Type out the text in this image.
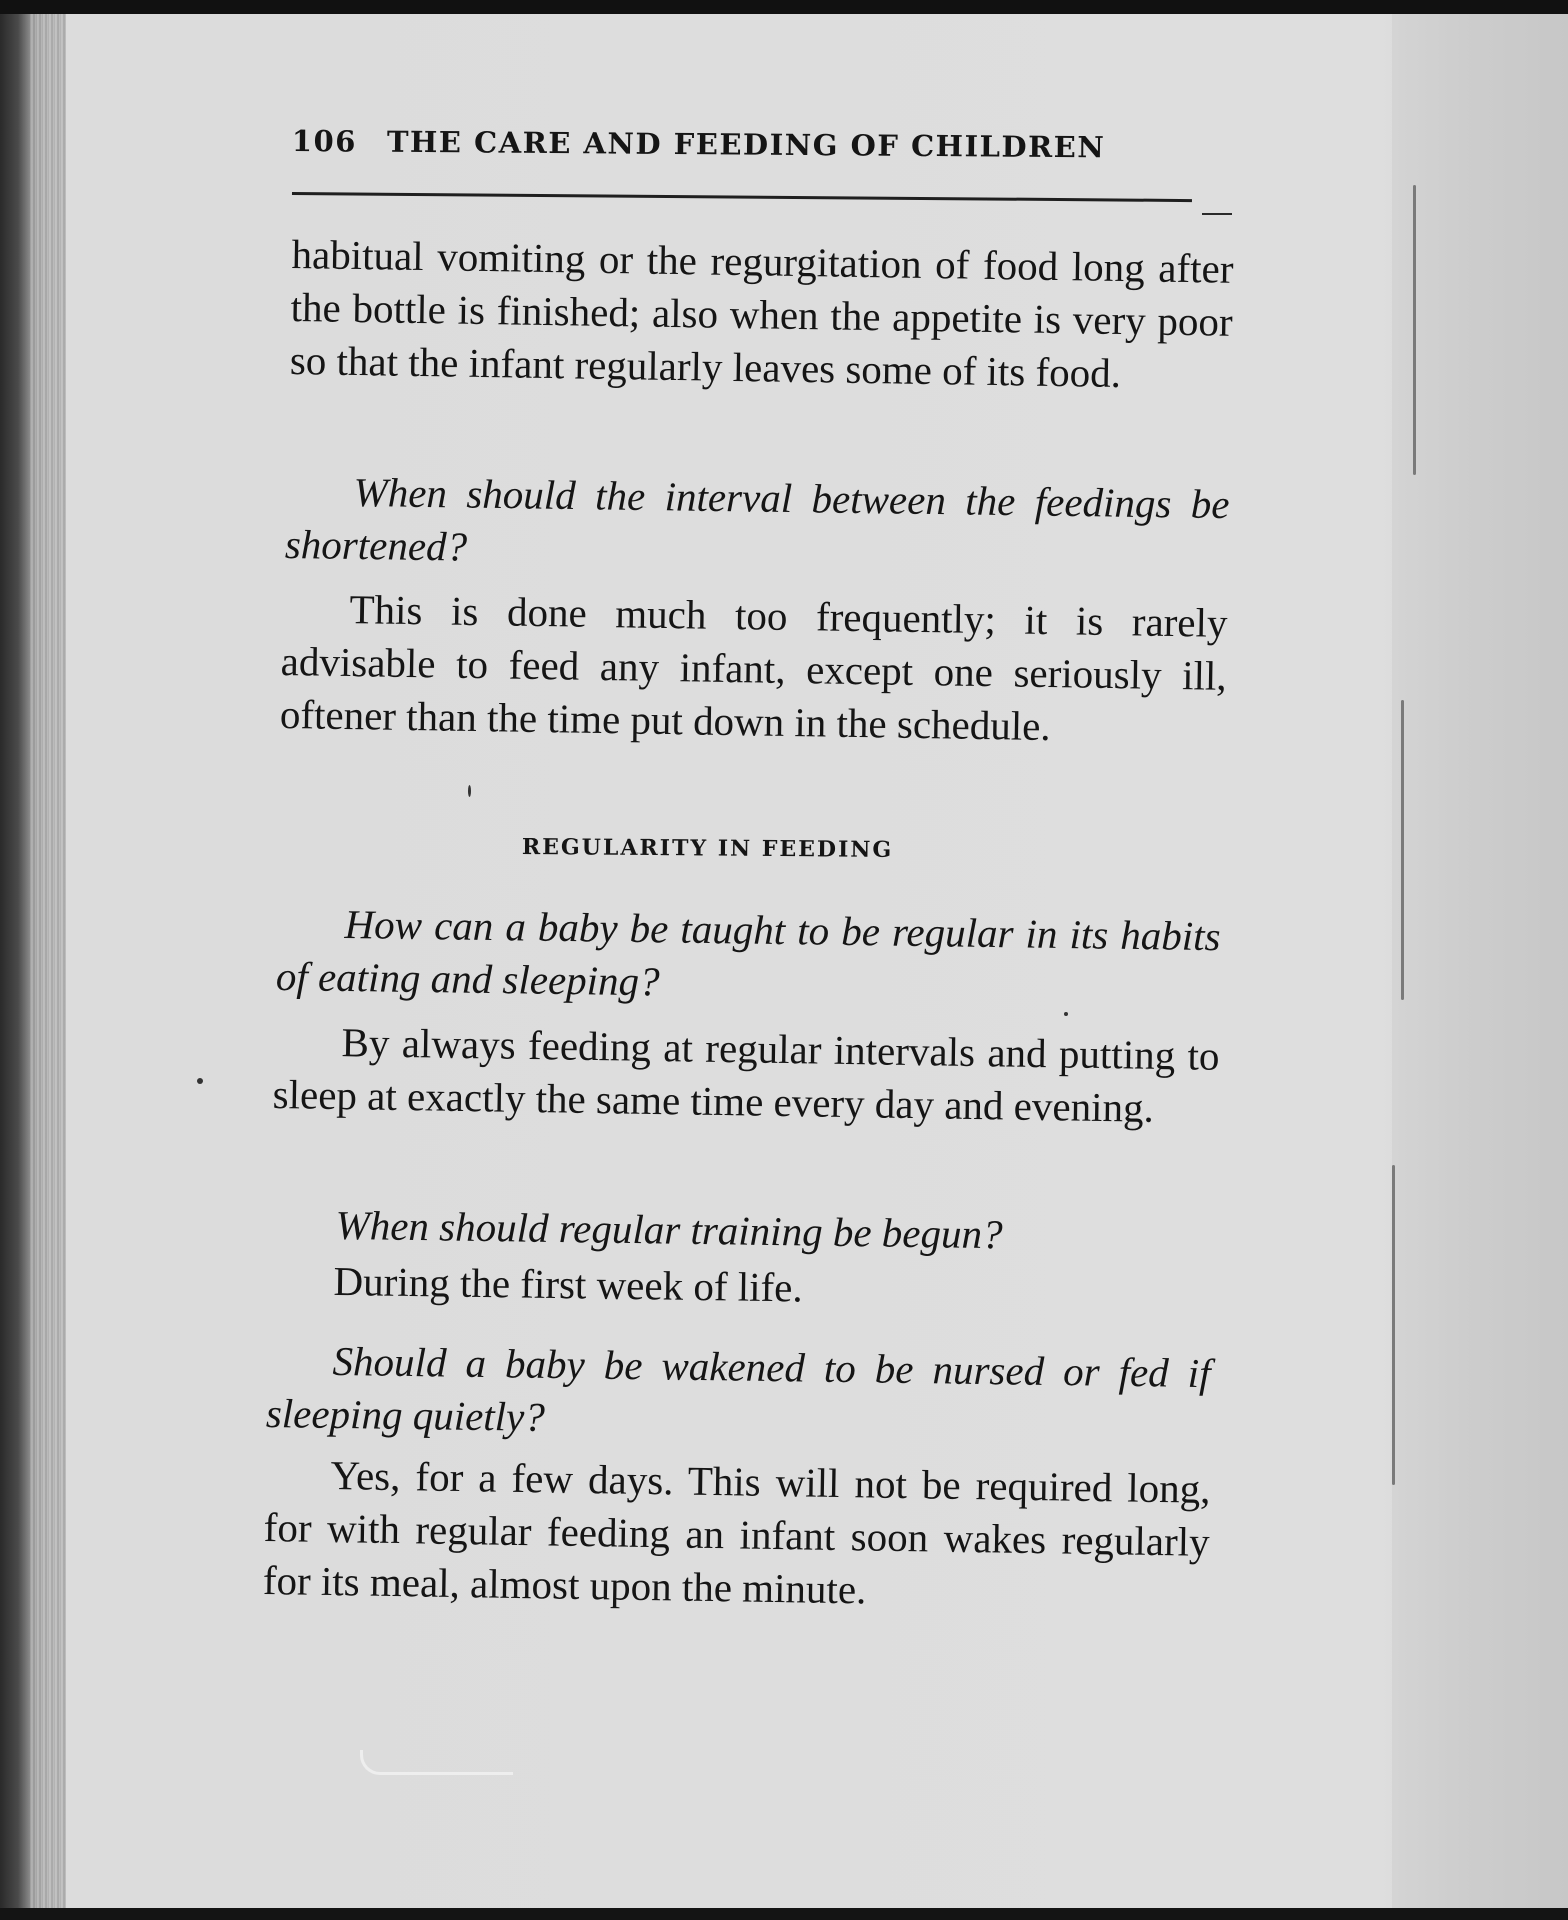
106 THE CARE AND FEEDING OF CHILDREN
habitual vomiting or the regurgitation of food long after the bottle is finished; also when the appetite is very poor so that the infant regularly leaves some of its food.
When should the interval between the feedings be shortened?
This is done much too frequently; it is rarely advisable to feed any infant, except one seriously ill, oftener than the time put down in the schedule.
REGULARITY IN FEEDING
How can a baby be taught to be regular in its habits of eating and sleeping?
By always feeding at regular intervals and putting to sleep at exactly the same time every day and evening.
When should regular training be begun?
During the first week of life.
Should a baby be wakened to be nursed or fed if sleeping quietly?
Yes, for a few days. This will not be required long, for with regular feeding an infant soon wakes regularly for its meal, almost upon the minute.
